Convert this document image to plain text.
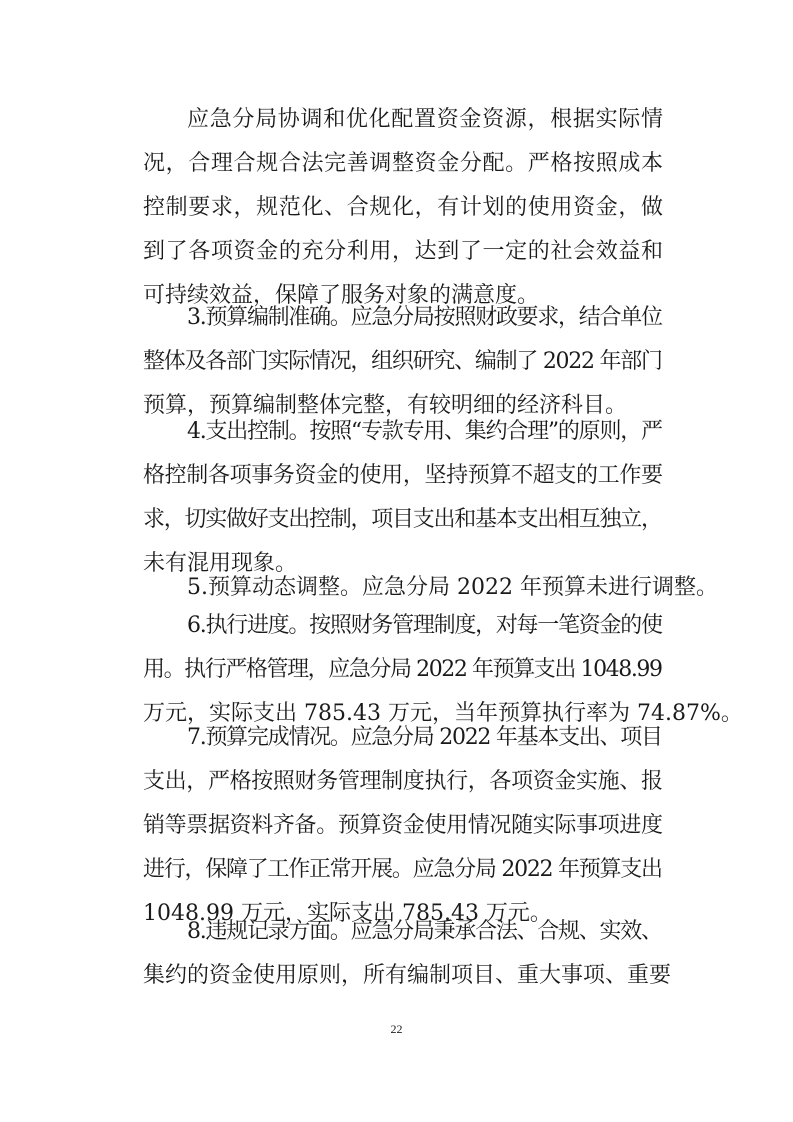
应急分局协调和优化配置资金资源，根据实际情
况，合理合规合法完善调整资金分配。严格按照成本
控制要求，规范化、合规化，有计划的使用资金，做
到了各项资金的充分利用，达到了一定的社会效益和
可持续效益，保障了服务对象的满意度。

3.预算编制准确。应急分局按照财政要求，结合单位
整体及各部门实际情况，组织研究、编制了 2022 年部门
预算，预算编制整体完整，有较明细的经济科目。

4.支出控制。按照“专款专用、集约合理”的原则，严
格控制各项事务资金的使用，坚持预算不超支的工作要
求，切实做好支出控制，项目支出和基本支出相互独立，
未有混用现象。

5.预算动态调整。应急分局 2022 年预算未进行调整。

6.执行进度。按照财务管理制度，对每一笔资金的使
用。执行严格管理，应急分局 2022 年预算支出 1048.99
万元，实际支出 785.43 万元，当年预算执行率为 74.87%。

7.预算完成情况。应急分局 2022 年基本支出、项目
支出，严格按照财务管理制度执行，各项资金实施、报
销等票据资料齐备。预算资金使用情况随实际事项进度
进行，保障了工作正常开展。应急分局 2022 年预算支出
1048.99 万元，实际支出 785.43 万元。

8.违规记录方面。应急分局秉承合法、合规、实效、
集约的资金使用原则，所有编制项目、重大事项、重要

22
